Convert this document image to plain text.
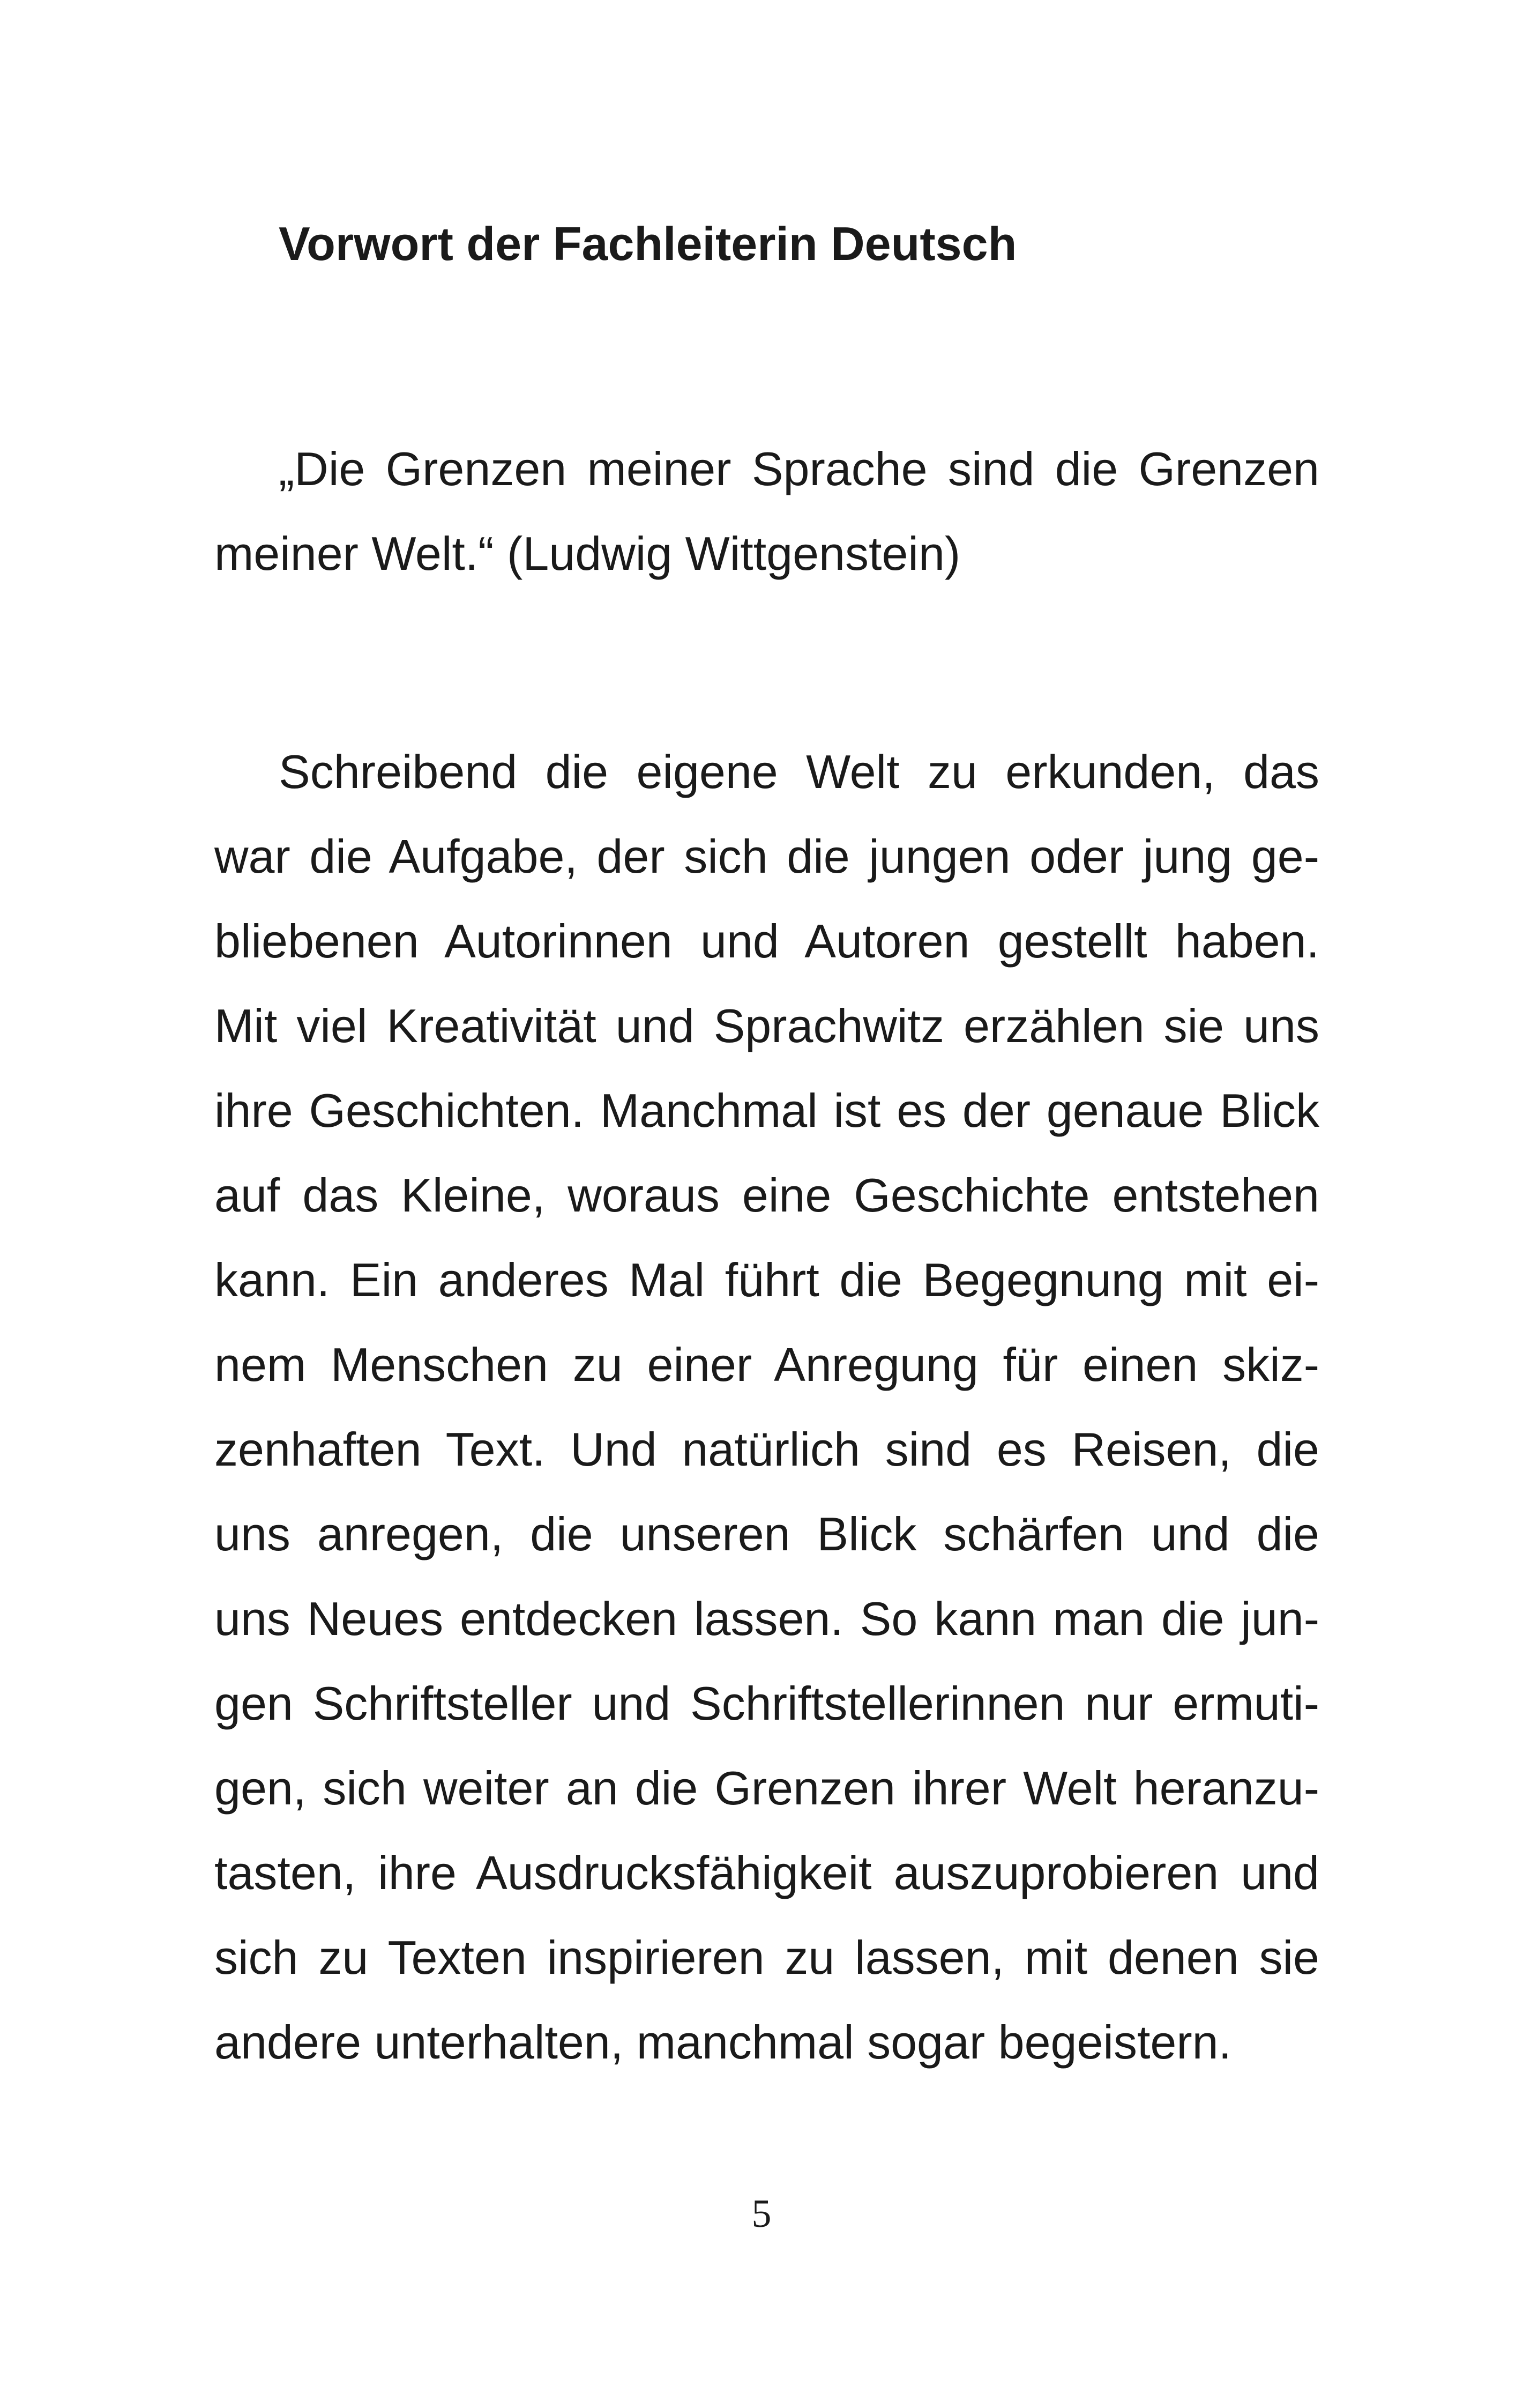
Vorwort der Fachleiterin Deutsch

„Die Grenzen meiner Sprache sind die Grenzen

meiner Welt.“ (Ludwig Wittgenstein)

Schreibend die eigene Welt zu erkunden, das

war die Aufgabe, der sich die jungen oder jung ge-

bliebenen Autorinnen und Autoren gestellt haben.

Mit viel Kreativität und Sprachwitz erzählen sie uns

ihre Geschichten. Manchmal ist es der genaue Blick

auf das Kleine, woraus eine Geschichte entstehen

kann. Ein anderes Mal führt die Begegnung mit ei-

nem Menschen zu einer Anregung für einen skiz-

zenhaften Text. Und natürlich sind es Reisen, die

uns anregen, die unseren Blick schärfen und die

uns Neues entdecken lassen. So kann man die jun-

gen Schriftsteller und Schriftstellerinnen nur ermuti-

gen, sich weiter an die Grenzen ihrer Welt heranzu-

tasten, ihre Ausdrucksfähigkeit auszuprobieren und

sich zu Texten inspirieren zu lassen, mit denen sie

andere unterhalten, manchmal sogar begeistern.

5
